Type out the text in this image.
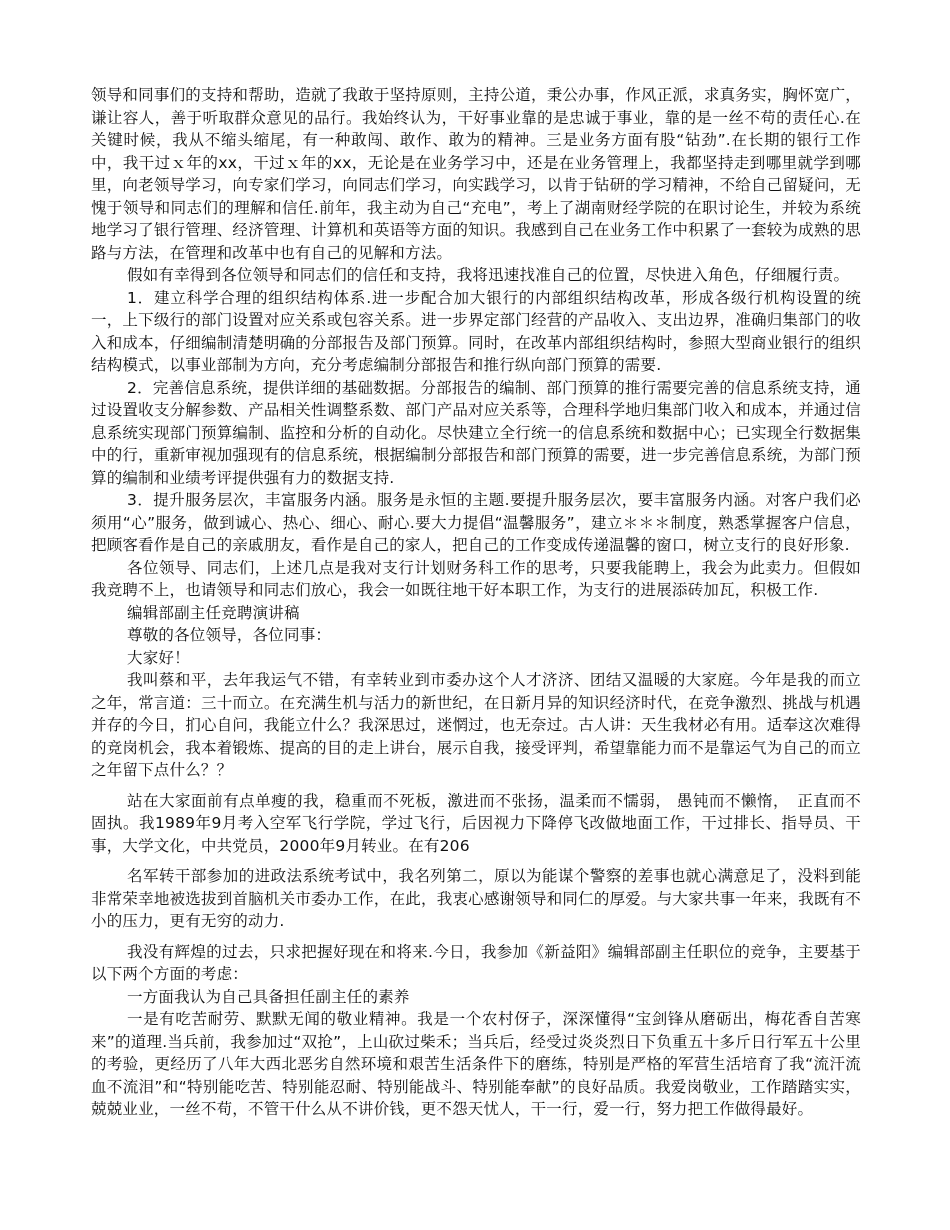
领导和同事们的支持和帮助，造就了我敢于坚持原则，主持公道，秉公办事，作风正派，求真务实，胸怀宽广，谦让容人，善于听取群众意见的品行。我始终认为，干好事业靠的是忠诚于事业，靠的是一丝不苟的责任心.在关键时候，我从不缩头缩尾，有一种敢闯、敢作、敢为的精神。三是业务方面有股“钻劲”.在长期的银行工作中，我干过ｘ年的xx，干过ｘ年的xx，无论是在业务学习中，还是在业务管理上，我都坚持走到哪里就学到哪里，向老领导学习，向专家们学习，向同志们学习，向实践学习，以肯于钻研的学习精神，不给自己留疑问，无愧于领导和同志们的理解和信任.前年，我主动为自己“充电”，考上了湖南财经学院的在职讨论生，并较为系统地学习了银行管理、经济管理、计算机和英语等方面的知识。我感到自己在业务工作中积累了一套较为成熟的思路与方法，在管理和改革中也有自己的见解和方法。

假如有幸得到各位领导和同志们的信任和支持，我将迅速找准自己的位置，尽快进入角色，仔细履行责。

1．建立科学合理的组织结构体系.进一步配合加大银行的内部组织结构改革，形成各级行机构设置的统一，上下级行的部门设置对应关系或包容关系。进一步界定部门经营的产品收入、支出边界，准确归集部门的收入和成本，仔细编制清楚明确的分部报告及部门预算。同时，在改革内部组织结构时，参照大型商业银行的组织结构模式，以事业部制为方向，充分考虑编制分部报告和推行纵向部门预算的需要.

2．完善信息系统，提供详细的基础数据。分部报告的编制、部门预算的推行需要完善的信息系统支持，通过设置收支分解参数、产品相关性调整系数、部门产品对应关系等，合理科学地归集部门收入和成本，并通过信息系统实现部门预算编制、监控和分析的自动化。尽快建立全行统一的信息系统和数据中心；已实现全行数据集中的行，重新审视加强现有的信息系统，根据编制分部报告和部门预算的需要，进一步完善信息系统，为部门预算的编制和业绩考评提供强有力的数据支持.

3．提升服务层次，丰富服务内涵。服务是永恒的主题.要提升服务层次，要丰富服务内涵。对客户我们必须用“心”服务，做到诚心、热心、细心、耐心.要大力提倡“温馨服务”，建立＊＊＊制度，熟悉掌握客户信息，把顾客看作是自己的亲戚朋友，看作是自己的家人，把自己的工作变成传递温馨的窗口，树立支行的良好形象.

各位领导、同志们，上述几点是我对支行计划财务科工作的思考，只要我能聘上，我会为此卖力。但假如我竞聘不上，也请领导和同志们放心，我会一如既往地干好本职工作，为支行的进展添砖加瓦，积极工作.

编辑部副主任竞聘演讲稿

尊敬的各位领导，各位同事：

大家好！

我叫蔡和平，去年我运气不错，有幸转业到市委办这个人才济济、团结又温暖的大家庭。今年是我的而立之年，常言道：三十而立。在充满生机与活力的新世纪，在日新月异的知识经济时代，在竞争激烈、挑战与机遇并存的今日，扪心自问，我能立什么？我深思过，迷惘过，也无奈过。古人讲：天生我材必有用。适奉这次难得的竞岗机会，我本着锻炼、提高的目的走上讲台，展示自我，接受评判，希望靠能力而不是靠运气为自己的而立之年留下点什么？？

站在大家面前有点单瘦的我，稳重而不死板，激进而不张扬，温柔而不懦弱， 愚钝而不懒惰，　正直而不固执。我1989年9月考入空军飞行学院，学过飞行，后因视力下降停飞改做地面工作，干过排长、指导员、干事，大学文化，中共党员，2000年9月转业。在有206

名军转干部参加的进政法系统考试中，我名列第二，原以为能谋个警察的差事也就心满意足了，没料到能非常荣幸地被选拔到首脑机关市委办工作，在此，我衷心感谢领导和同仁的厚爱。与大家共事一年来，我既有不小的压力，更有无穷的动力.

我没有辉煌的过去，只求把握好现在和将来.今日，我参加《新益阳》编辑部副主任职位的竞争，主要基于以下两个方面的考虑：

一方面我认为自己具备担任副主任的素养

一是有吃苦耐劳、默默无闻的敬业精神。我是一个农村伢子，深深懂得“宝剑锋从磨砺出，梅花香自苦寒来”的道理.当兵前，我参加过“双抢”，上山砍过柴禾；当兵后，经受过炎炎烈日下负重五十多斤日行军五十公里的考验，更经历了八年大西北恶劣自然环境和艰苦生活条件下的磨练，特别是严格的军营生活培育了我“流汗流血不流泪”和“特别能吃苦、特别能忍耐、特别能战斗、特别能奉献”的良好品质。我爱岗敬业，工作踏踏实实，兢兢业业，一丝不苟，不管干什么从不讲价钱，更不怨天忧人，干一行，爱一行，努力把工作做得最好。
